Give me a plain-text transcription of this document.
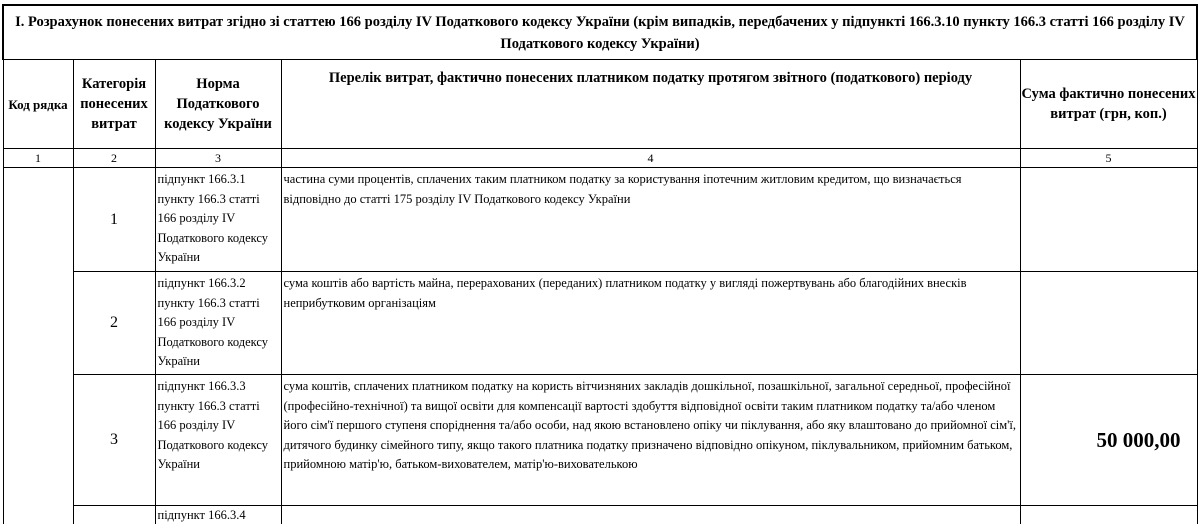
I. Розрахунок понесених витрат згідно зі статтею 166 розділу IV Податкового кодексу України (крім випадків, передбачених у підпункті 166.3.10 пункту 166.3 статті 166 розділу IV Податкового кодексу України)				
Код рядка	Категорія понесених витрат	Норма Податкового кодексу України	Перелік витрат, фактично понесених платником податку протягом звітного (податкового) періоду	Сума фактично понесених витрат (грн, коп.)
1	2	3	4	5
	1	підпункт 166.3.1 пункту 166.3 статті 166 розділу IV Податкового кодексу України	частина суми процентів, сплачених таким платником податку за користування іпотечним житловим кредитом, що визначається відповідно до статті 175 розділу IV Податкового кодексу України	
	2	підпункт 166.3.2 пункту 166.3 статті 166 розділу IV Податкового кодексу України	сума коштів або вартість майна, перерахованих (переданих) платником податку у вигляді пожертвувань або благодійних внесків неприбутковим організаціям	
	3	підпункт 166.3.3 пункту 166.3 статті 166 розділу IV Податкового кодексу України	сума коштів, сплачених платником податку на користь вітчизняних закладів дошкільної, позашкільної, загальної середньої, професійної (професійно-технічної) та вищої освіти для компенсації вартості здобуття відповідної освіти таким платником податку та/або членом його сім'ї першого ступеня споріднення та/або особи, над якою встановлено опіку чи піклування, або яку влаштовано до прийомної сім'ї, дитячого будинку сімейного типу, якщо такого платника податку призначено відповідно опікуном, піклувальником, прийомним батьком, прийомною матір'ю, батьком-вихователем, матір'ю-вихователькою	50 000,00
		підпункт 166.3.4		
